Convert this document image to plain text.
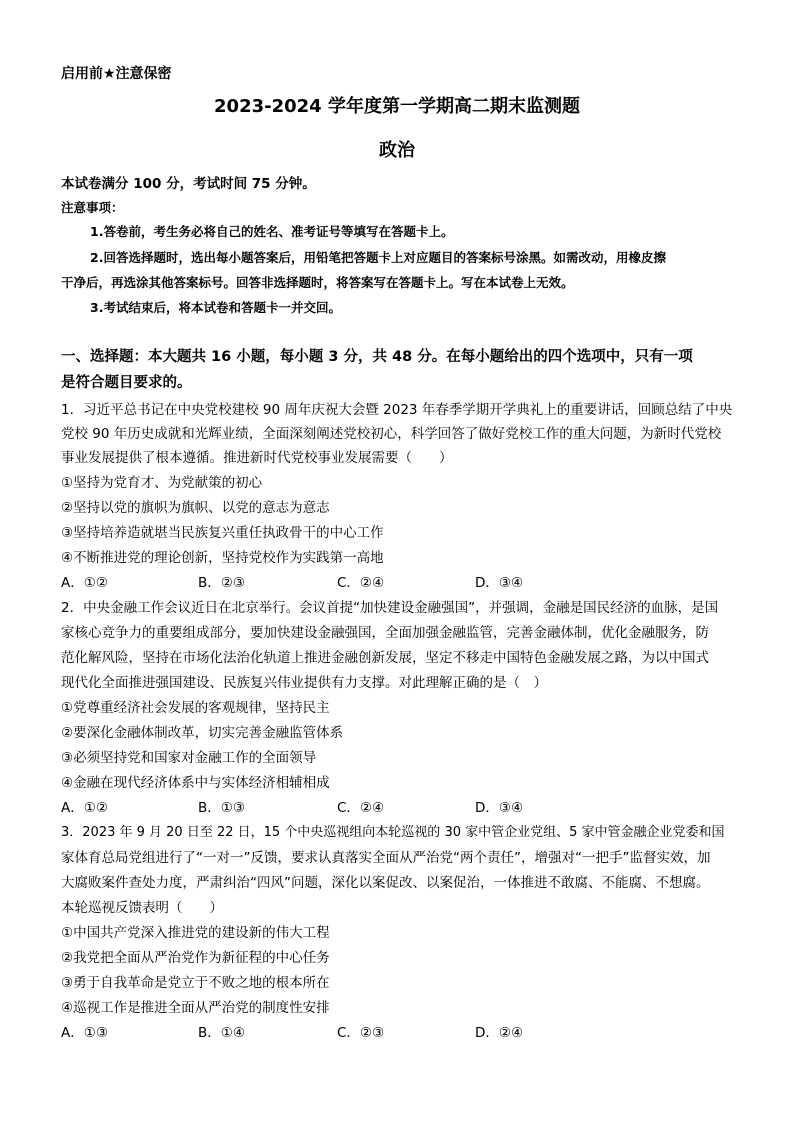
启用前★注意保密
2023-2024 学年度第一学期高二期末监测题
政治
本试卷满分 100 分，考试时间 75 分钟。
注意事项：
1.答卷前，考生务必将自己的姓名、准考证号等填写在答题卡上。
2.回答选择题时，选出每小题答案后，用铅笔把答题卡上对应题目的答案标号涂黑。如需改动，用橡皮擦
干净后，再选涂其他答案标号。回答非选择题时，将答案写在答题卡上。写在本试卷上无效。
3.考试结束后，将本试卷和答题卡一并交回。
一、选择题：本大题共 16 小题，每小题 3 分，共 48 分。在每小题给出的四个选项中，只有一项
是符合题目要求的。
1．习近平总书记在中央党校建校 90 周年庆祝大会暨 2023 年春季学期开学典礼上的重要讲话，回顾总结了中央
党校 90 年历史成就和光辉业绩，全面深刻阐述党校初心，科学回答了做好党校工作的重大问题，为新时代党校
事业发展提供了根本遵循。推进新时代党校事业发展需要（　　）
①坚持为党育才、为党献策的初心
②坚持以党的旗帜为旗帜、以党的意志为意志
③坚持培养造就堪当民族复兴重任执政骨干的中心工作
④不断推进党的理论创新，坚持党校作为实践第一高地
A．①②	B．②③	C．②④	D．③④
2．中央金融工作会议近日在北京举行。会议首提“加快建设金融强国”，并强调，金融是国民经济的血脉，是国
家核心竞争力的重要组成部分，要加快建设金融强国，全面加强金融监管，完善金融体制，优化金融服务，防
范化解风险，坚持在市场化法治化轨道上推进金融创新发展，坚定不移走中国特色金融发展之路，为以中国式
现代化全面推进强国建设、民族复兴伟业提供有力支撑。对此理解正确的是（　）
①党尊重经济社会发展的客观规律，坚持民主
②要深化金融体制改革，切实完善金融监管体系
③必须坚持党和国家对金融工作的全面领导
④金融在现代经济体系中与实体经济相辅相成
A．①②	B．①③	C．②④	D．③④
3．2023 年 9 月 20 日至 22 日，15 个中央巡视组向本轮巡视的 30 家中管企业党组、5 家中管金融企业党委和国
家体育总局党组进行了“一对一”反馈，要求认真落实全面从严治党“两个责任”，增强对“一把手”监督实效，加
大腐败案件查处力度，严肃纠治“四风”问题，深化以案促改、以案促治，一体推进不敢腐、不能腐、不想腐。
本轮巡视反馈表明（　　）
①中国共产党深入推进党的建设新的伟大工程
②我党把全面从严治党作为新征程的中心任务
③勇于自我革命是党立于不败之地的根本所在
④巡视工作是推进全面从严治党的制度性安排
A．①③	B．①④	C．②③	D．②④
